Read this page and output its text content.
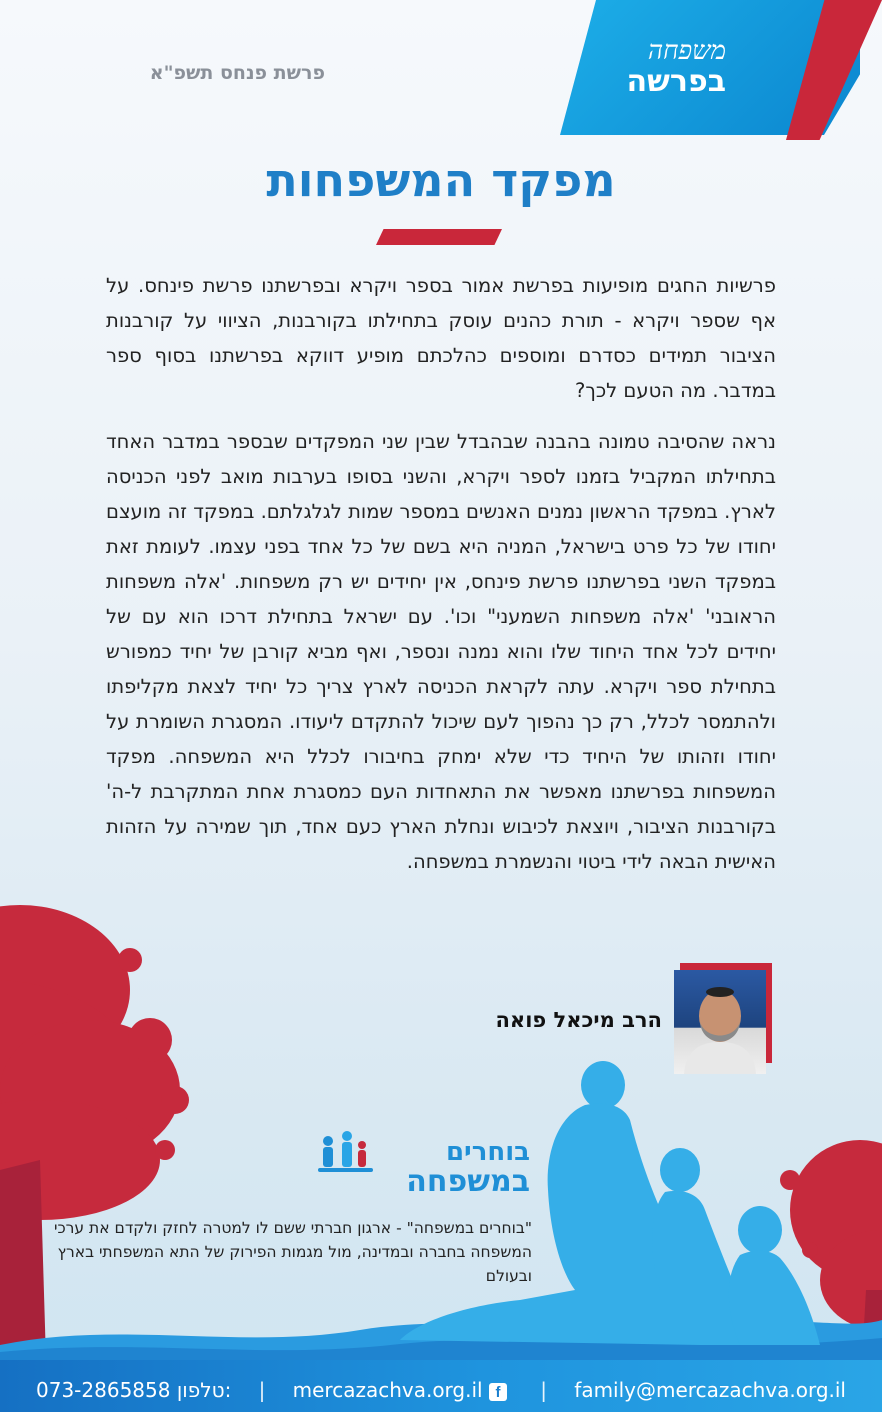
משפחה
בפרשה
פרשת פנחס תשפ"א
מפקד המשפחות
פרשיות החגים מופיעות בפרשת אמור בספר ויקרא ובפרשתנו פרשת פינחס. על אף שספר ויקרא - תורת כהנים עוסק בתחילתו בקורבנות, הציווי על קורבנות הציבור תמידים כסדרם ומוספים כהלכתם מופיע דווקא בפרשתנו בסוף ספר במדבר. מה הטעם לכך?
נראה שהסיבה טמונה בהבנה שבהבדל שבין שני המפקדים שבספר במדבר האחד בתחילתו המקביל בזמנו לספר ויקרא, והשני בסופו בערבות מואב לפני הכניסה לארץ. במפקד הראשון נמנים האנשים במספר שמות לגלגלתם. במפקד זה מועצם יחודו של כל פרט בישראל, המניה היא בשם של כל אחד בפני עצמו. לעומת זאת במפקד השני בפרשתנו פרשת פינחס, אין יחידים יש רק משפחות. 'אלה משפחות הראובני' 'אלה משפחות השמעני" וכו'. עם ישראל בתחילת דרכו הוא עם של יחידים לכל אחד היחוד שלו והוא נמנה ונספר, ואף מביא קורבן של יחיד כמפורש בתחילת ספר ויקרא. עתה לקראת הכניסה לארץ צריך כל יחיד לצאת מקליפתו ולהתמסר לכלל, רק כך נהפוך לעם שיכול להתקדם ליעודו. המסגרת השומרת על יחודו וזהותו של היחיד כדי שלא ימחק בחיבורו לכלל היא המשפחה. מפקד המשפחות בפרשתנו מאפשר את התאחדות העם כמסגרת אחת המתקרבת ל-ה' בקורבנות הציבור, ויוצאת לכיבוש ונחלת הארץ כעם אחד, תוך שמירה על הזהות האישית הבאה לידי ביטוי והנשמרת במשפחה.
הרב מיכאל פואה
בוחרים
במשפחה
"בוחרים במשפחה" - ארגון חברתי ששם לו למטרה לחזק ולקדם את ערכי המשפחה בחברה ובמדינה, מול מגמות הפירוק של התא המשפחתי בארץ ובעולם
073-2865858 טלפון: | mercazachva.org.il f	| family@mercazachva.org.il
